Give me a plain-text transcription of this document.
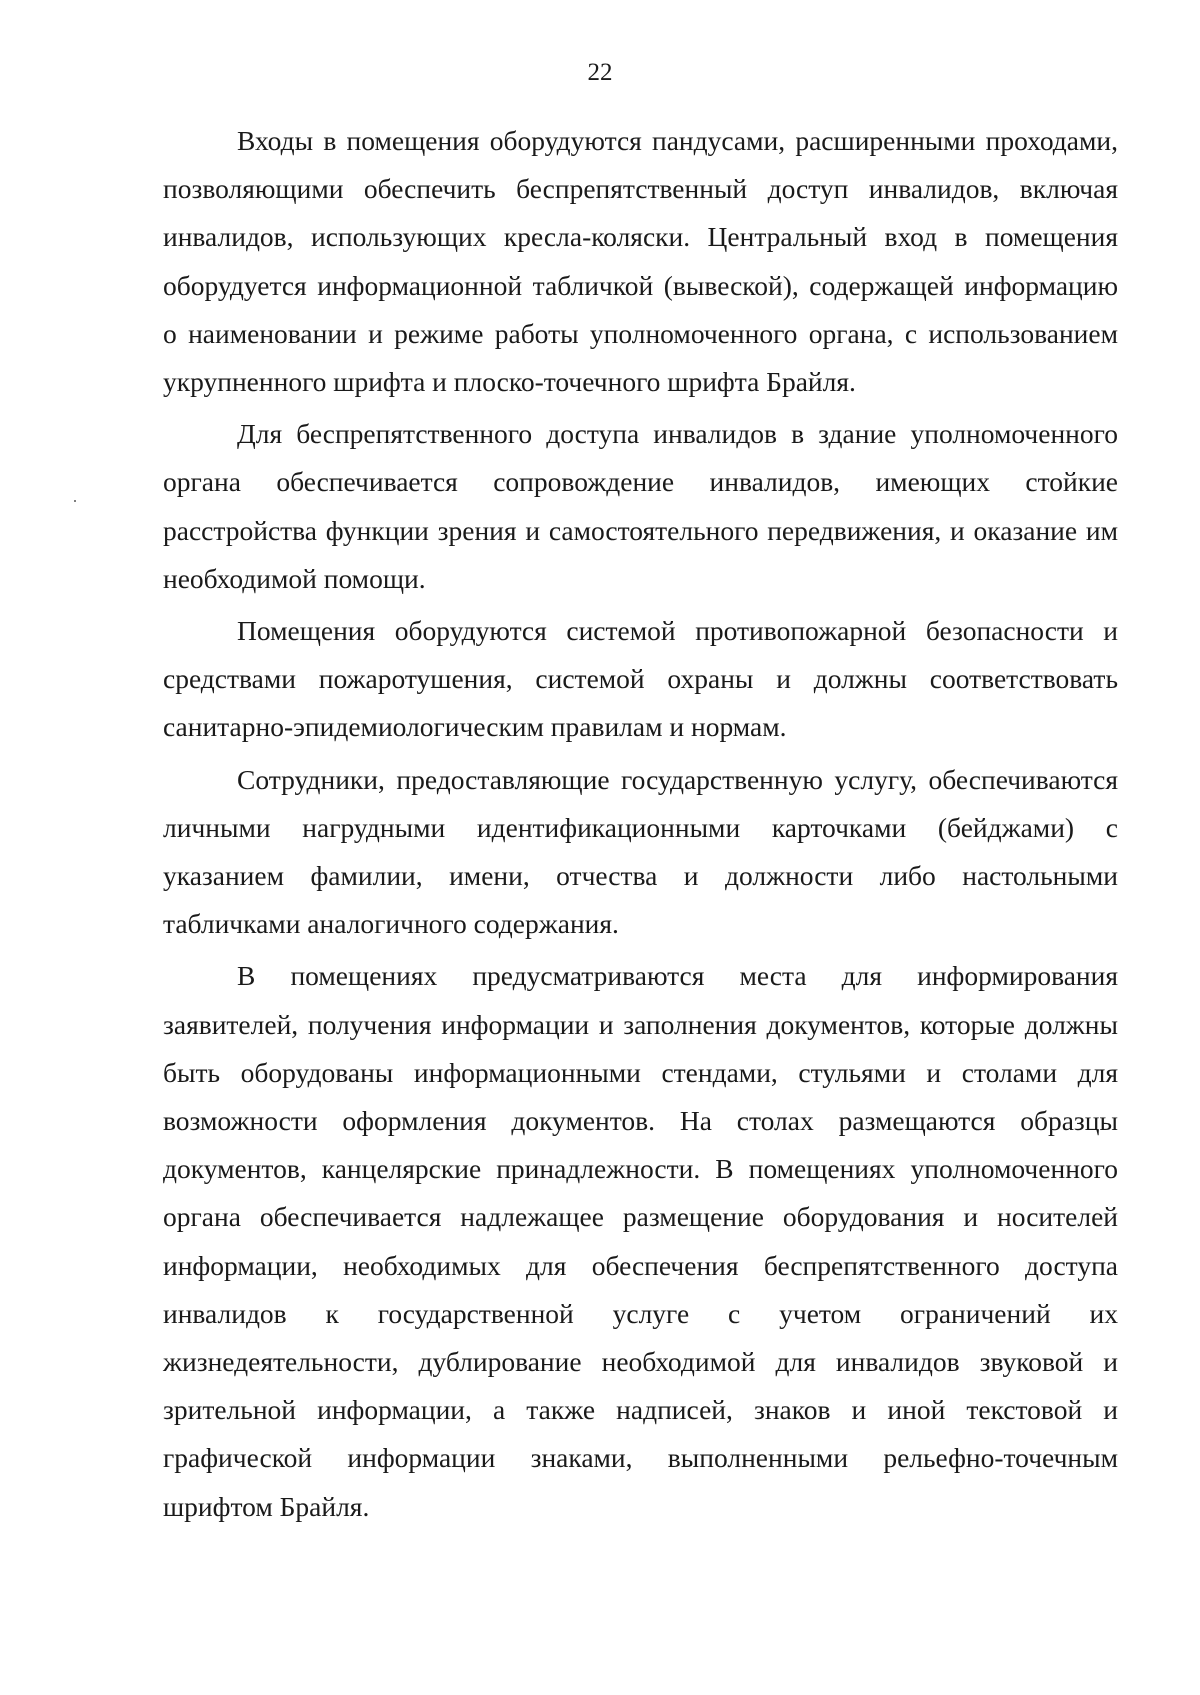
22

Входы в помещения оборудуются пандусами, расширенными проходами, позволяющими обеспечить беспрепятственный доступ инвалидов, включая инвалидов, использующих кресла-коляски. Центральный вход в помещения оборудуется информационной табличкой (вывеской), содержащей информацию о наименовании и режиме работы уполномоченного органа, с использованием укрупненного шрифта и плоско-точечного шрифта Брайля.

Для беспрепятственного доступа инвалидов в здание уполномоченного органа обеспечивается сопровождение инвалидов, имеющих стойкие расстройства функции зрения и самостоятельного передвижения, и оказание им необходимой помощи.

Помещения оборудуются системой противопожарной безопасности и средствами пожаротушения, системой охраны и должны соответствовать санитарно-эпидемиологическим правилам и нормам.

Сотрудники, предоставляющие государственную услугу, обеспечиваются личными нагрудными идентификационными карточками (бейджами) с указанием фамилии, имени, отчества и должности либо настольными табличками аналогичного содержания.

В помещениях предусматриваются места для информирования заявителей, получения информации и заполнения документов, которые должны быть оборудованы информационными стендами, стульями и столами для возможности оформления документов. На столах размещаются образцы документов, канцелярские принадлежности. В помещениях уполномоченного органа обеспечивается надлежащее размещение оборудования и носителей информации, необходимых для обеспечения беспрепятственного доступа инвалидов к государственной услуге с учетом ограничений их жизнедеятельности, дублирование необходимой для инвалидов звуковой и зрительной информации, а также надписей, знаков и иной текстовой и графической информации знаками, выполненными рельефно-точечным шрифтом Брайля.
